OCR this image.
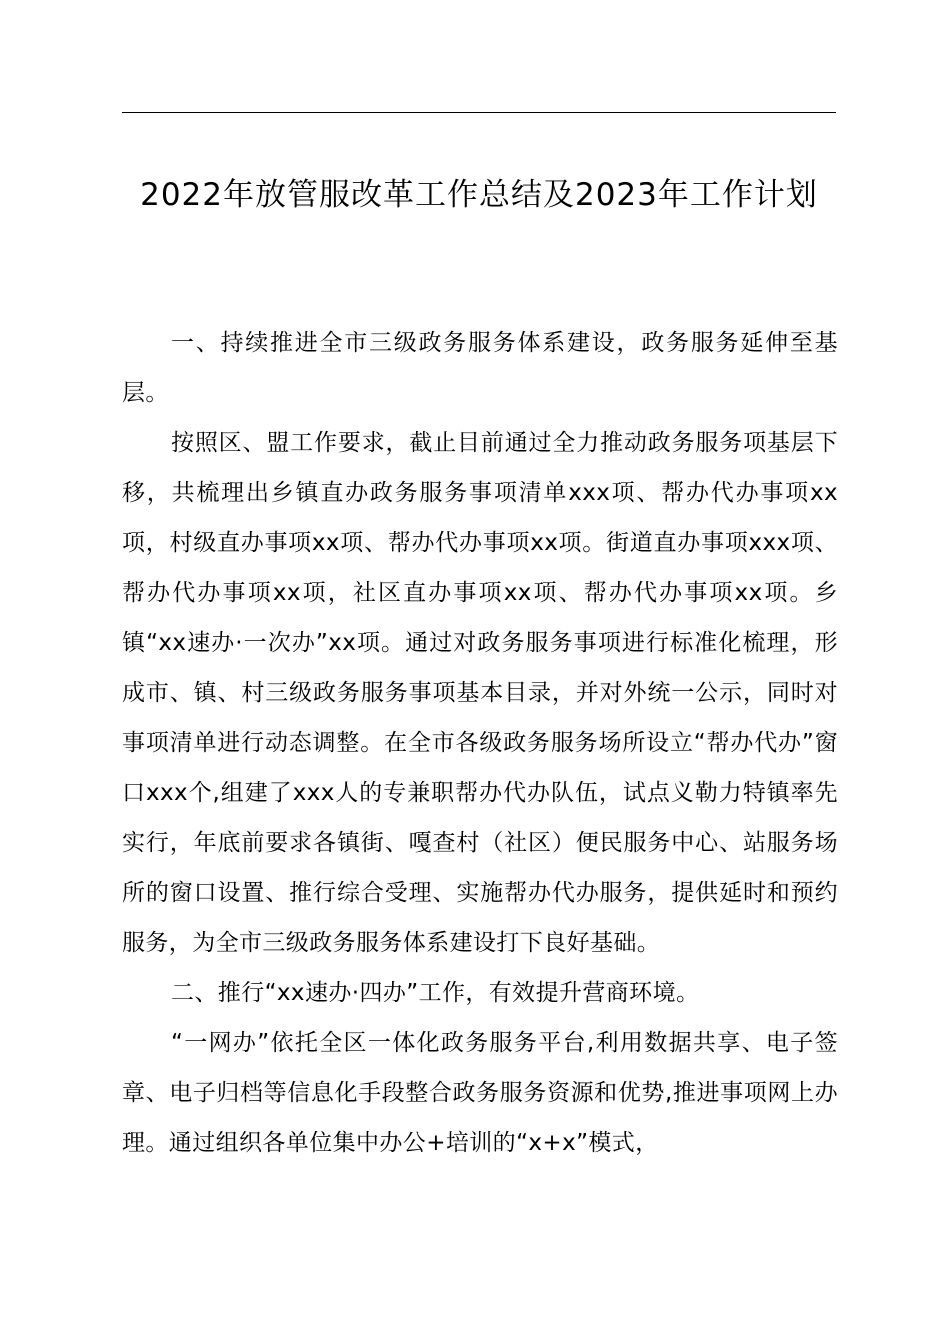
2022年放管服改革工作总结及2023年工作计划

一、持续推进全市三级政务服务体系建设，政务服务延伸至基层。

按照区、盟工作要求，截止目前通过全力推动政务服务项基层下移，共梳理出乡镇直办政务服务事项清单xxx项、帮办代办事项xx项，村级直办事项xx项、帮办代办事项xx项。街道直办事项xxx项、帮办代办事项xx项，社区直办事项xx项、帮办代办事项xx项。乡镇“xx速办·一次办”xx项。通过对政务服务事项进行标准化梳理，形成市、镇、村三级政务服务事项基本目录，并对外统一公示，同时对事项清单进行动态调整。在全市各级政务服务场所设立“帮办代办”窗口xxx个,组建了xxx人的专兼职帮办代办队伍，试点义勒力特镇率先实行，年底前要求各镇街、嘎查村（社区）便民服务中心、站服务场所的窗口设置、推行综合受理、实施帮办代办服务，提供延时和预约服务，为全市三级政务服务体系建设打下良好基础。

二、推行“xx速办·四办”工作，有效提升营商环境。

“一网办”依托全区一体化政务服务平台,利用数据共享、电子签章、电子归档等信息化手段整合政务服务资源和优势,推进事项网上办理。通过组织各单位集中办公+培训的“x+x”模式，
